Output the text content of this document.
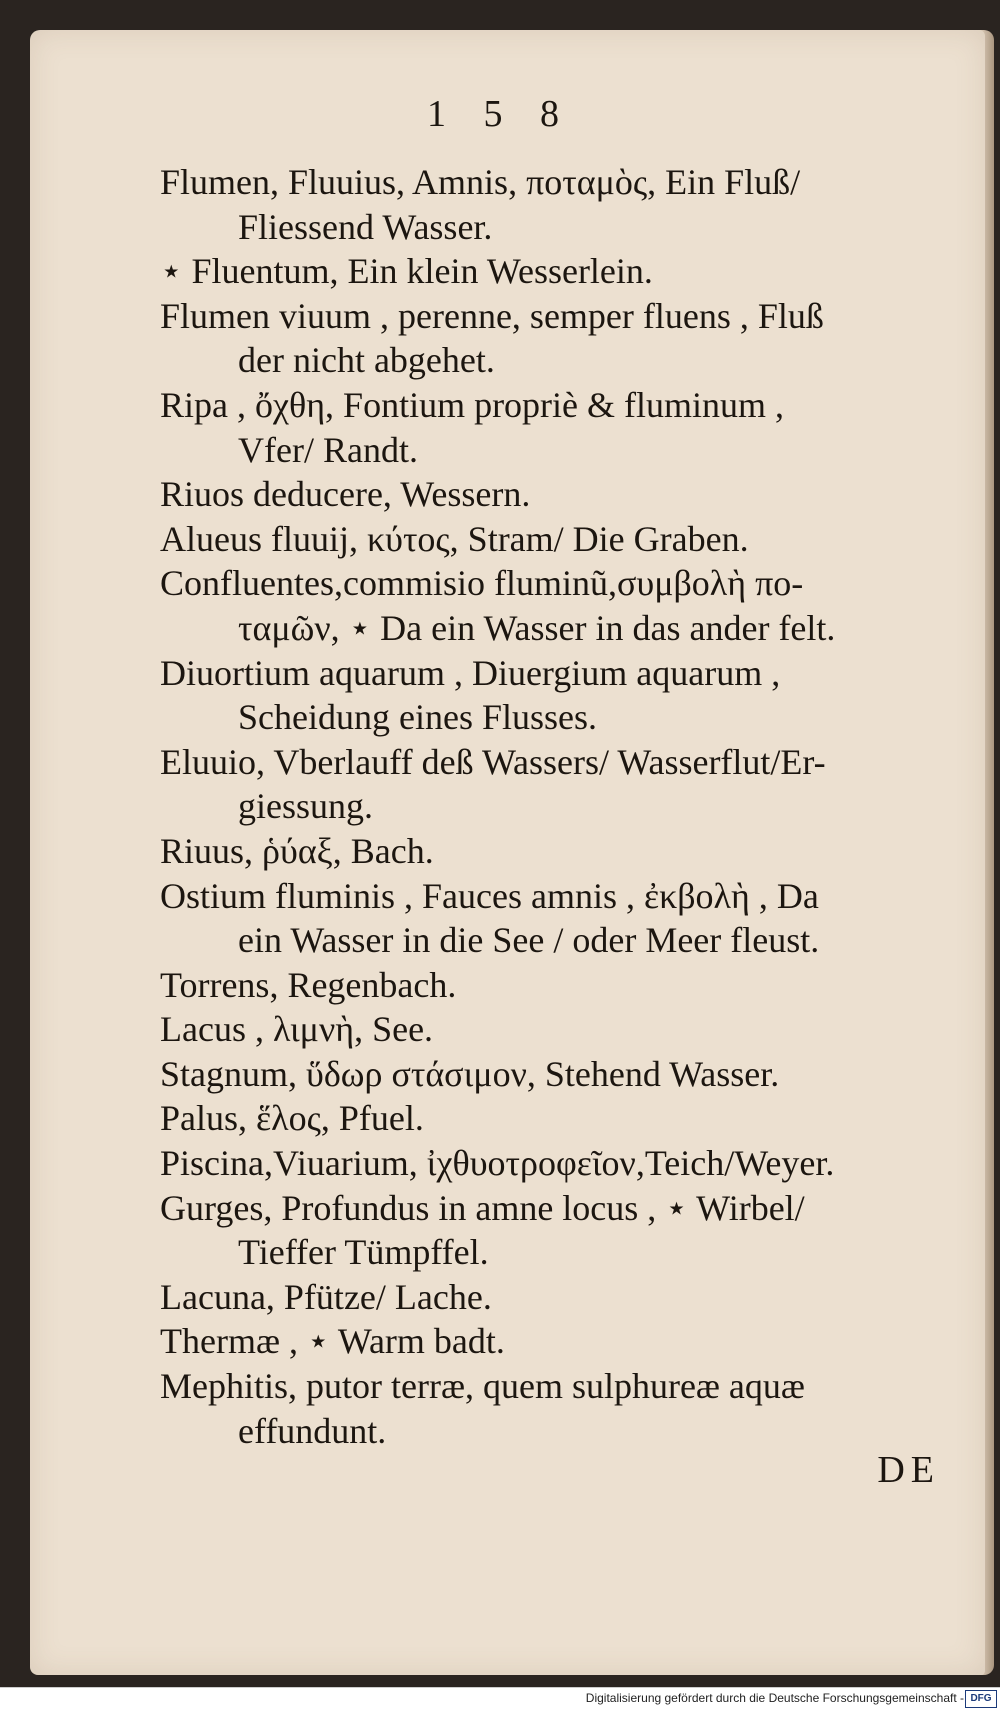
1 5 8
Flumen, Fluuius, Amnis, ποταμὸς, Ein Fluß/
Fliessend Wasser.
⋆ Fluentum, Ein klein Wesserlein.
Flumen viuum , perenne, semper fluens , Fluß
der nicht abgehet.
Ripa , ὄχθη, Fontium propriè & fluminum ,
Vfer/ Randt.
Riuos deducere, Wessern.
Alueus fluuij, κύτος, Stram/ Die Graben.
Confluentes,commisio fluminũ,συμβολὴ πο-
ταμῶν, ⋆ Da ein Wasser in das ander felt.
Diuortium aquarum , Diuergium aquarum ,
Scheidung eines Flusses.
Eluuio, Vberlauff deß Wassers/ Wasserflut/Er-
giessung.
Riuus, ῥύαξ, Bach.
Ostium fluminis , Fauces amnis , ἐκβολὴ , Da
ein Wasser in die See / oder Meer fleust.
Torrens, Regenbach.
Lacus , λιμνὴ, See.
Stagnum, ὕδωρ στάσιμον, Stehend Wasser.
Palus, ἕλος, Pfuel.
Piscina,Viuarium, ἰχθυοτροφεῖον,Teich/Weyer.
Gurges, Profundus in amne locus , ⋆ Wirbel/
Tieffer Tümpffel.
Lacuna, Pfütze/ Lache.
Thermæ , ⋆ Warm badt.
Mephitis, putor terræ, quem sulphureæ aquæ
effundunt.
DE
Digitalisierung gefördert durch die Deutsche Forschungsgemeinschaft - DFG
